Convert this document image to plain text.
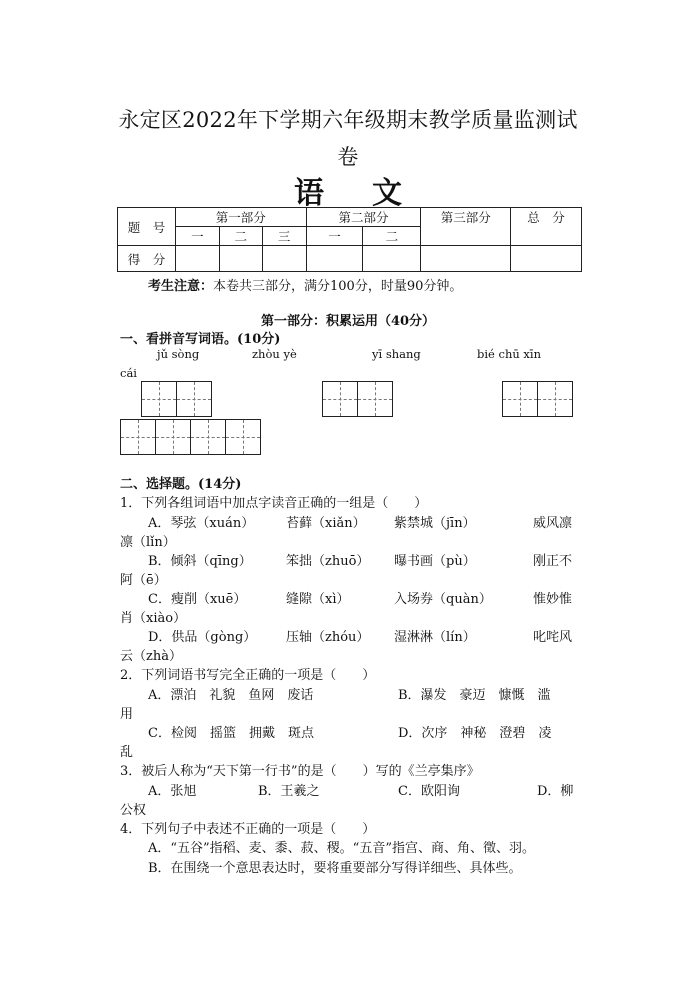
永定区2022年下学期六年级期末教学质量监测试
卷
语文
题　号	第一部分			第二部分		第三部分	总　分
	一	二	三	一	二		
得　分							
考生注意：本卷共三部分，满分100分，时量90分钟。
第一部分：积累运用（40分）
一、看拼音写词语。(10分)
jǔ sòng	zhòu yè	yī shang	bié chū xīn
cái
二、选择题。(14分)
1．下列各组词语中加点字读音正确的一组是（　　）
A．琴弦（xuán） 苔藓（xiǎn） 紫禁城（jīn）	威风凛
凛（lǐn）
B．倾斜（qīng）	笨拙（zhuō） 曝书画（pù）	刚正不
阿（ē）
C．瘦削（xuē）	缝隙（xì）	入场券（quàn）	惟妙惟
肖（xiào）
D．供品（gòng） 压轴（zhóu） 湿淋淋（lín）	叱咤风
云（zhà）
2．下列词语书写完全正确的一项是（　　）
A．漂泊　礼貌　鱼网　废话	B．瀑发　豪迈　慷慨　滥
用
C．检阅　摇篮　拥戴　斑点	D．次序　神秘　澄碧　凌
乱
3．被后人称为“天下第一行书”的是（　　）写的《兰亭集序》
A．张旭	B．王羲之	C．欧阳询	D．柳
公权
4．下列句子中表述不正确的一项是（　　）
A．“五谷”指稻、麦、黍、菽、稷。“五音”指宫、商、角、徵、羽。
B．在围绕一个意思表达时，要将重要部分写得详细些、具体些。
